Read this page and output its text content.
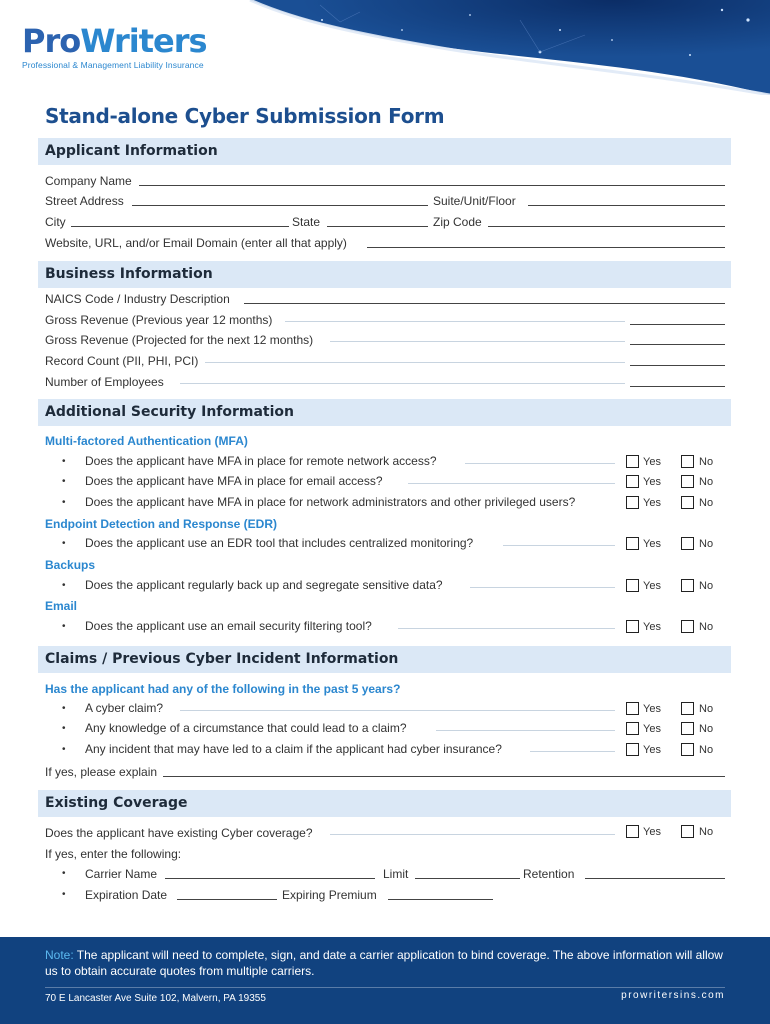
ProWriters
Professional & Management Liability Insurance
Stand-alone Cyber Submission Form
Applicant Information
Company Name
Street Address	Suite/Unit/Floor
City	State	Zip Code
Website, URL, and/or Email Domain (enter all that apply)
Business Information
NAICS Code / Industry Description
Gross Revenue (Previous year 12 months)
Gross Revenue (Projected for the next 12 months)
Record Count (PII, PHI, PCI)
Number of Employees
Additional Security Information
Multi-factored Authentication (MFA)
• Does the applicant have MFA in place for remote network access?	Yes	No
• Does the applicant have MFA in place for email access?	Yes	No
• Does the applicant have MFA in place for network administrators and other privileged users?	Yes	No
Endpoint Detection and Response (EDR)
• Does the applicant use an EDR tool that includes centralized monitoring?	Yes	No
Backups
• Does the applicant regularly back up and segregate sensitive data?	Yes	No
Email
• Does the applicant use an email security filtering tool?	Yes	No
Claims / Previous Cyber Incident Information
Has the applicant had any of the following in the past 5 years?
• A cyber claim?	Yes	No
• Any knowledge of a circumstance that could lead to a claim?	Yes	No
• Any incident that may have led to a claim if the applicant had cyber insurance?	Yes	No
If yes, please explain
Existing Coverage
Does the applicant have existing Cyber coverage?	Yes	No
If yes, enter the following:
• Carrier Name	Limit	Retention
• Expiration Date	Expiring Premium
Note: The applicant will need to complete, sign, and date a carrier application to bind coverage. The above information will allow us to obtain accurate quotes from multiple carriers.
70 E Lancaster Ave Suite 102, Malvern, PA 19355	prowritersins.com
